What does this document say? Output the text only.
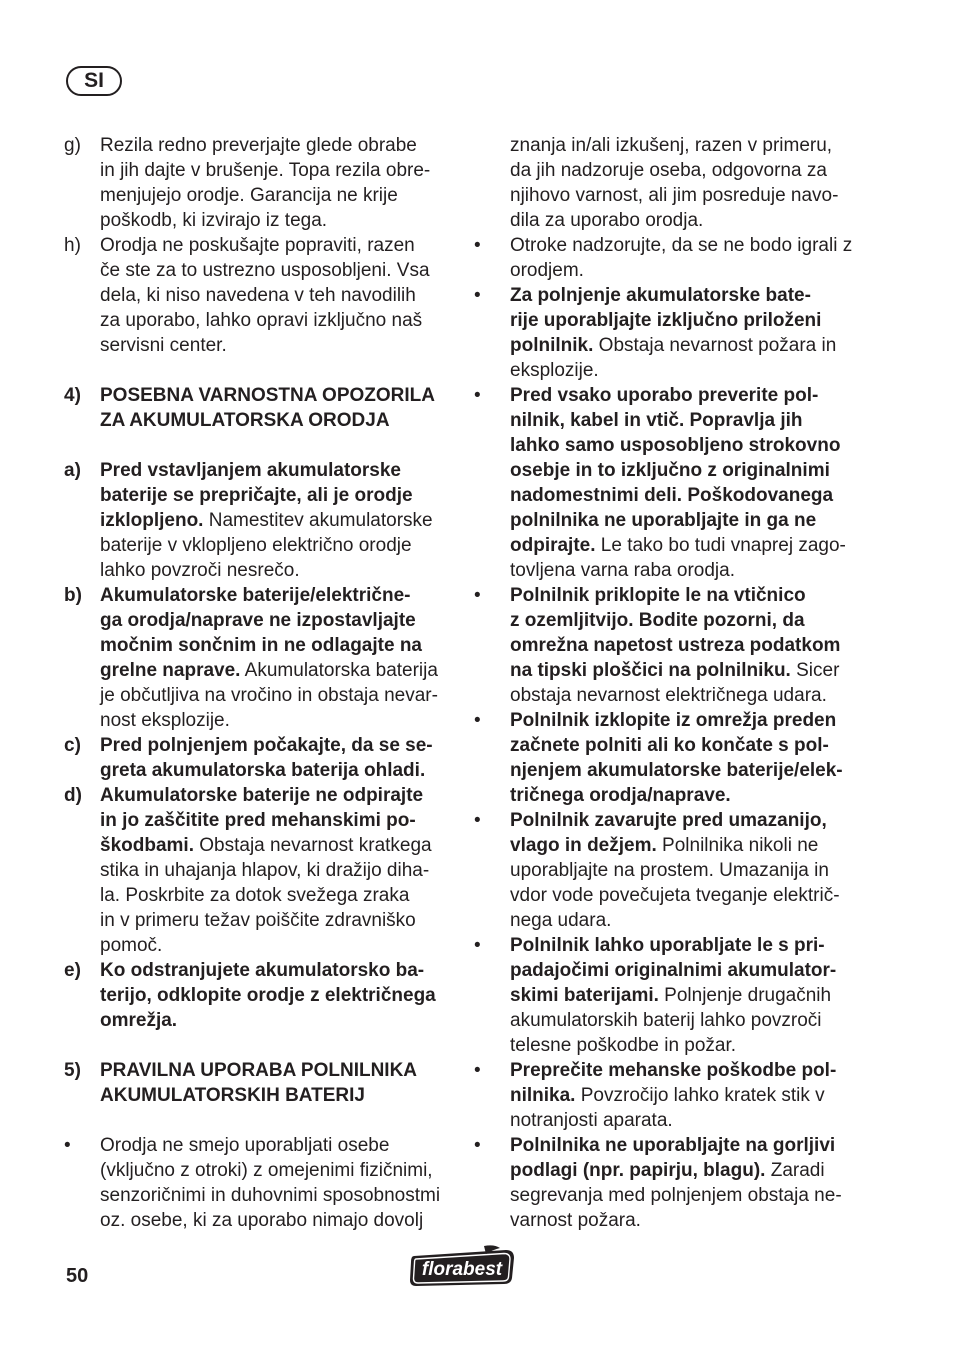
SI
g)	Rezila redno preverjajte glede obrabe
in jih dajte v brušenje. Topa rezila obre-
menjujejo orodje. Garancija ne krije
poškodb, ki izvirajo iz tega.
h)	Orodja ne poskušajte popraviti, razen
če ste za to ustrezno usposobljeni. Vsa
dela, ki niso navedena v teh navodilih
za uporabo, lahko opravi izključno naš
servisni center.
4)	POSEBNA VARNOSTNA OPOZORILA
ZA AKUMULATORSKA ORODJA
a)	Pred vstavljanjem akumulatorske
baterije se prepričajte, ali je orodje
izklopljeno. Namestitev akumulatorske
baterije v vklopljeno električno orodje
lahko povzroči nesrečo.
b) Akumulatorske baterije/električne-
ga orodja/naprave ne izpostavljajte
močnim sončnim in ne odlagajte na
grelne naprave. Akumulatorska baterija
je občutljiva na vročino in obstaja nevar-
nost eksplozije.
c)	Pred polnjenjem počakajte, da se se-
greta akumulatorska baterija ohladi.
d) Akumulatorske baterije ne odpirajte
in jo zaščitite pred mehanskimi po-
škodbami. Obstaja nevarnost kratkega
stika in uhajanja hlapov, ki dražijo diha-
la. Poskrbite za dotok svežega zraka
in v primeru težav poiščite zdravniško
pomoč.
e)	Ko odstranjujete akumulatorsko ba-
terijo, odklopite orodje z električnega
omrežja.
5)	PRAVILNA UPORABA POLNILNIKA
AKUMULATORSKIH BATERIJ
•	Orodja ne smejo uporabljati osebe
(vključno z otroki) z omejenimi fizičnimi,
senzoričnimi in duhovnimi sposobnostmi
oz. osebe, ki za uporabo nimajo dovolj
znanja in/ali izkušenj, razen v primeru,
da jih nadzoruje oseba, odgovorna za
njihovo varnost, ali jim posreduje navo-
dila za uporabo orodja.
•	Otroke nadzorujte, da se ne bodo igrali z
orodjem.
•	Za polnjenje akumulatorske bate-
rije uporabljajte izključno priloženi
polnilnik. Obstaja nevarnost požara in
eksplozije.
•	Pred vsako uporabo preverite pol-
nilnik, kabel in vtič. Popravlja jih
lahko samo usposobljeno strokovno
osebje in to izključno z originalnimi
nadomestnimi deli. Poškodovanega
polnilnika ne uporabljajte in ga ne
odpirajte. Le tako bo tudi vnaprej zago-
tovljena varna raba orodja.
•	Polnilnik priklopite le na vtičnico
z ozemljitvijo. Bodite pozorni, da
omrežna napetost ustreza podatkom
na tipski ploščici na polnilniku. Sicer
obstaja nevarnost električnega udara.
•	Polnilnik izklopite iz omrežja preden
začnete polniti ali ko končate s pol-
njenjem akumulatorske baterije/elek-
tričnega orodja/naprave.
•	Polnilnik zavarujte pred umazanijo,
vlago in dežjem. Polnilnika nikoli ne
uporabljajte na prostem. Umazanija in
vdor vode povečujeta tveganje električ-
nega udara.
•	Polnilnik lahko uporabljate le s pri-
padajočimi originalnimi akumulator-
skimi baterijami. Polnjenje drugačnih
akumulatorskih baterij lahko povzroči
telesne poškodbe in požar.
•	Preprečite mehanske poškodbe pol-
nilnika. Povzročijo lahko kratek stik v
notranjosti aparata.
•	Polnilnika ne uporabljajte na gorljivi
podlagi (npr. papirju, blagu). Zaradi
segrevanja med polnjenjem obstaja ne-
varnost požara.
50	florabest
